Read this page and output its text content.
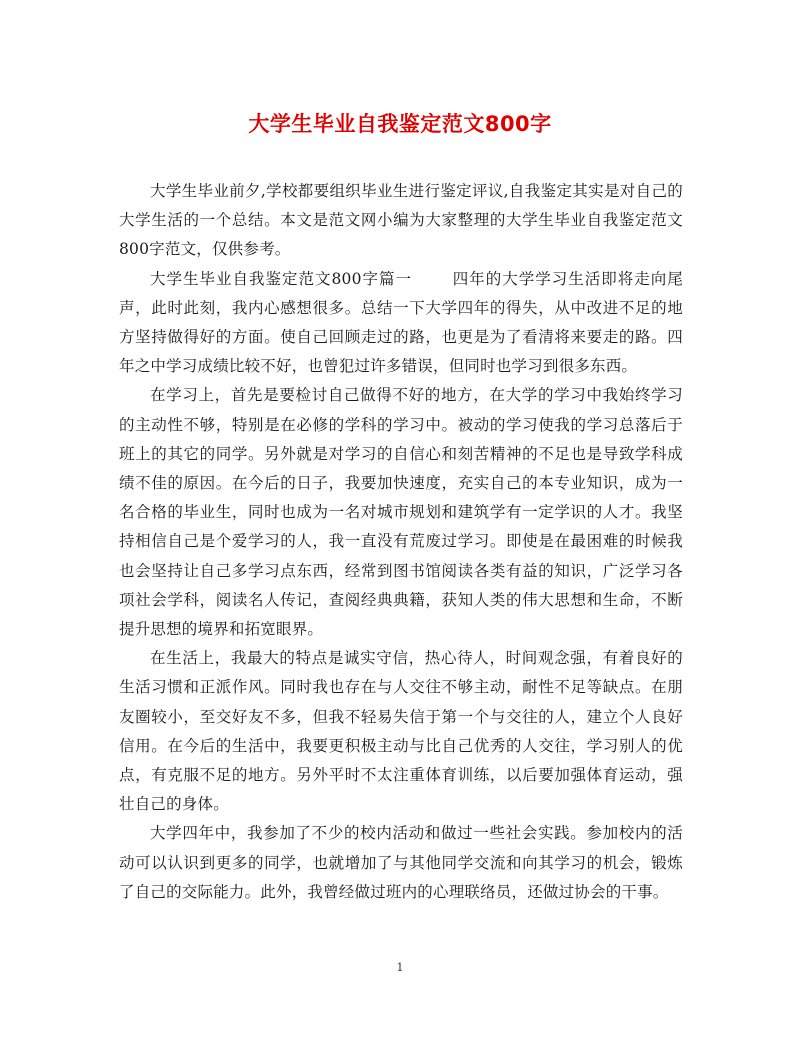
大学生毕业自我鉴定范文800字

大学生毕业前夕,学校都要组织毕业生进行鉴定评议,自我鉴定其实是对自己的大学生活的一个总结。本文是范文网小编为大家整理的大学生毕业自我鉴定范文800字范文，仅供参考。

大学生毕业自我鉴定范文800字篇一	四年的大学学习生活即将走向尾声，此时此刻，我内心感想很多。总结一下大学四年的得失，从中改进不足的地方坚持做得好的方面。使自己回顾走过的路，也更是为了看清将来要走的路。四年之中学习成绩比较不好，也曾犯过许多错误，但同时也学习到很多东西。

在学习上，首先是要检讨自己做得不好的地方，在大学的学习中我始终学习的主动性不够，特别是在必修的学科的学习中。被动的学习使我的学习总落后于班上的其它的同学。另外就是对学习的自信心和刻苦精神的不足也是导致学科成绩不佳的原因。在今后的日子，我要加快速度，充实自己的本专业知识，成为一名合格的毕业生，同时也成为一名对城市规划和建筑学有一定学识的人才。我坚持相信自己是个爱学习的人，我一直没有荒废过学习。即使是在最困难的时候我也会坚持让自己多学习点东西，经常到图书馆阅读各类有益的知识，广泛学习各项社会学科，阅读名人传记，查阅经典典籍，获知人类的伟大思想和生命，不断提升思想的境界和拓宽眼界。

在生活上，我最大的特点是诚实守信，热心待人，时间观念强，有着良好的生活习惯和正派作风。同时我也存在与人交往不够主动，耐性不足等缺点。在朋友圈较小，至交好友不多，但我不轻易失信于第一个与交往的人，建立个人良好信用。在今后的生活中，我要更积极主动与比自己优秀的人交往，学习别人的优点，有克服不足的地方。另外平时不太注重体育训练，以后要加强体育运动，强壮自己的身体。

大学四年中，我参加了不少的校内活动和做过一些社会实践。参加校内的活动可以认识到更多的同学，也就增加了与其他同学交流和向其学习的机会，锻炼了自己的交际能力。此外，我曾经做过班内的心理联络员，还做过协会的干事。

1
